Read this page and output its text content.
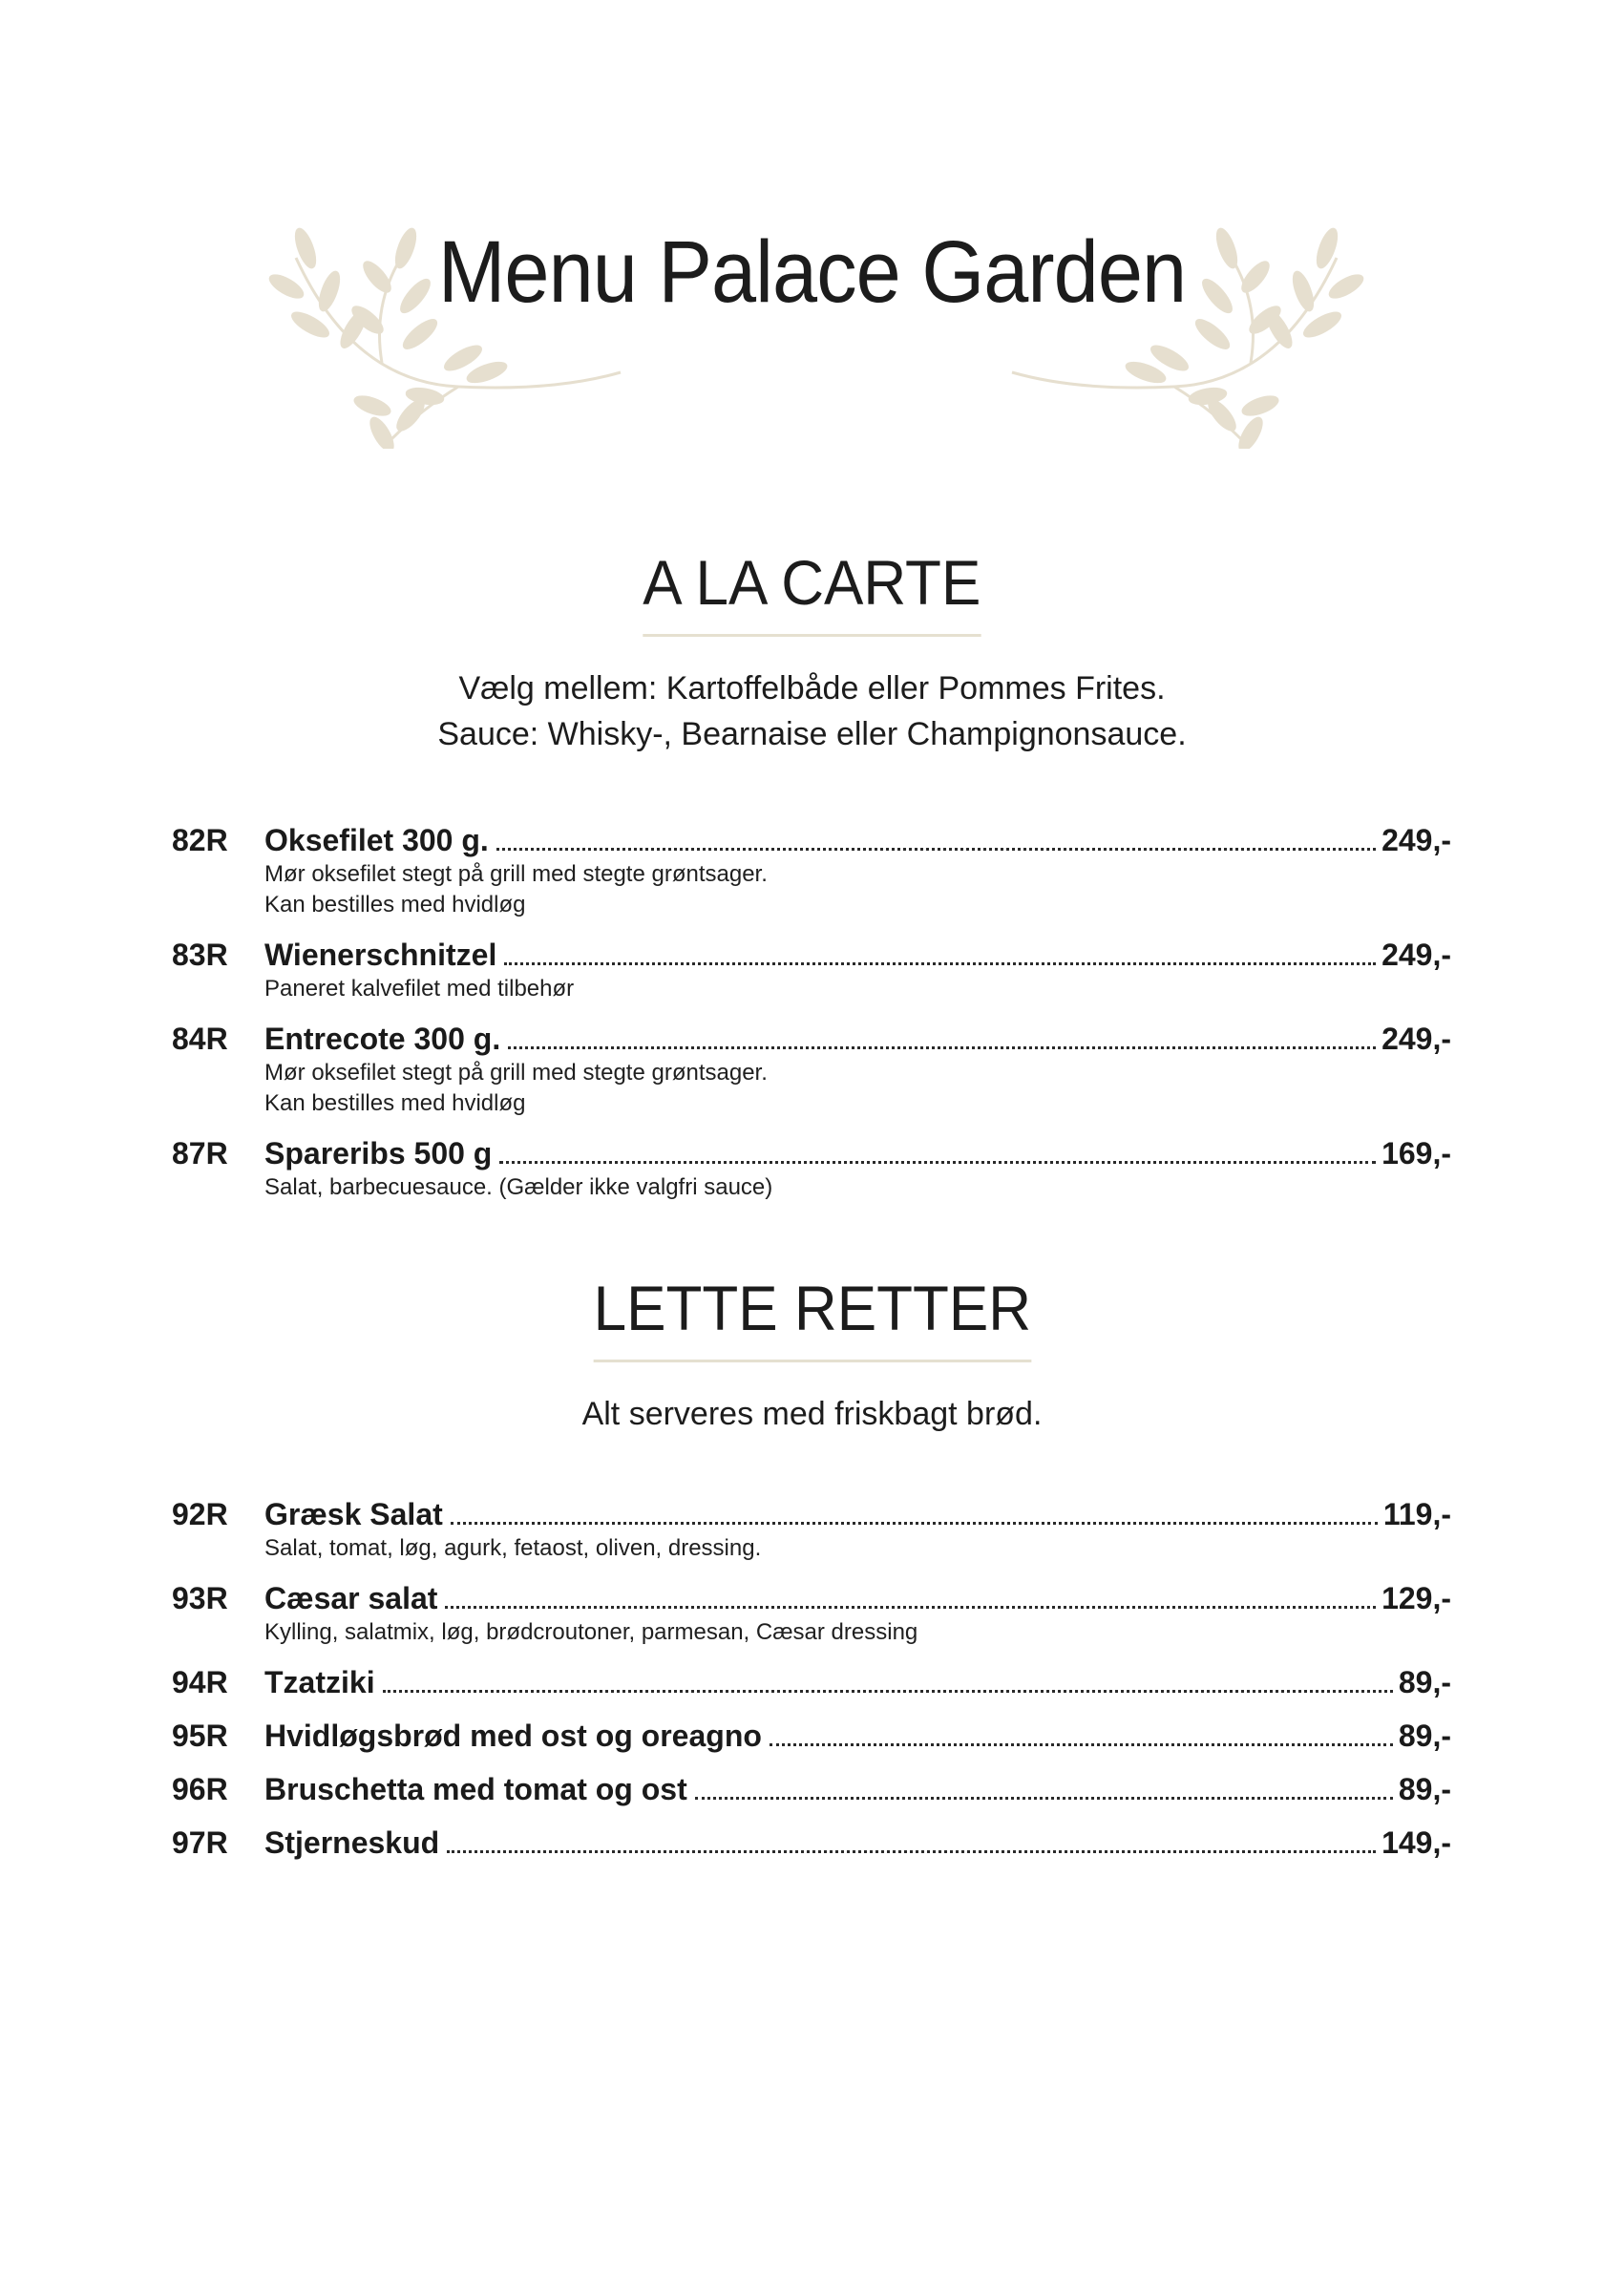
Menu Palace Garden
A LA CARTE
Vælg mellem: Kartoffelbåde eller Pommes Frites.
Sauce: Whisky-, Bearnaise eller Champignonsauce.
82R	Oksefilet 300 g.	249,-
Mør oksefilet stegt på grill med stegte grøntsager.
Kan bestilles med hvidløg
83R	Wienerschnitzel	249,-
Paneret kalvefilet med tilbehør
84R	Entrecote 300 g.	249,-
Mør oksefilet stegt på grill med stegte grøntsager.
Kan bestilles med hvidløg
87R	Spareribs 500 g	169,-
Salat, barbecuesauce. (Gælder ikke valgfri sauce)
LETTE RETTER
Alt serveres med friskbagt brød.
92R	Græsk Salat	119,-
Salat, tomat, løg, agurk, fetaost, oliven, dressing.
93R	Cæsar salat	129,-
Kylling, salatmix, løg, brødcroutoner, parmesan, Cæsar dressing
94R	Tzatziki	89,-
95R	Hvidløgsbrød med ost og oreagno	89,-
96R	Bruschetta med tomat og ost	89,-
97R	Stjerneskud	149,-
